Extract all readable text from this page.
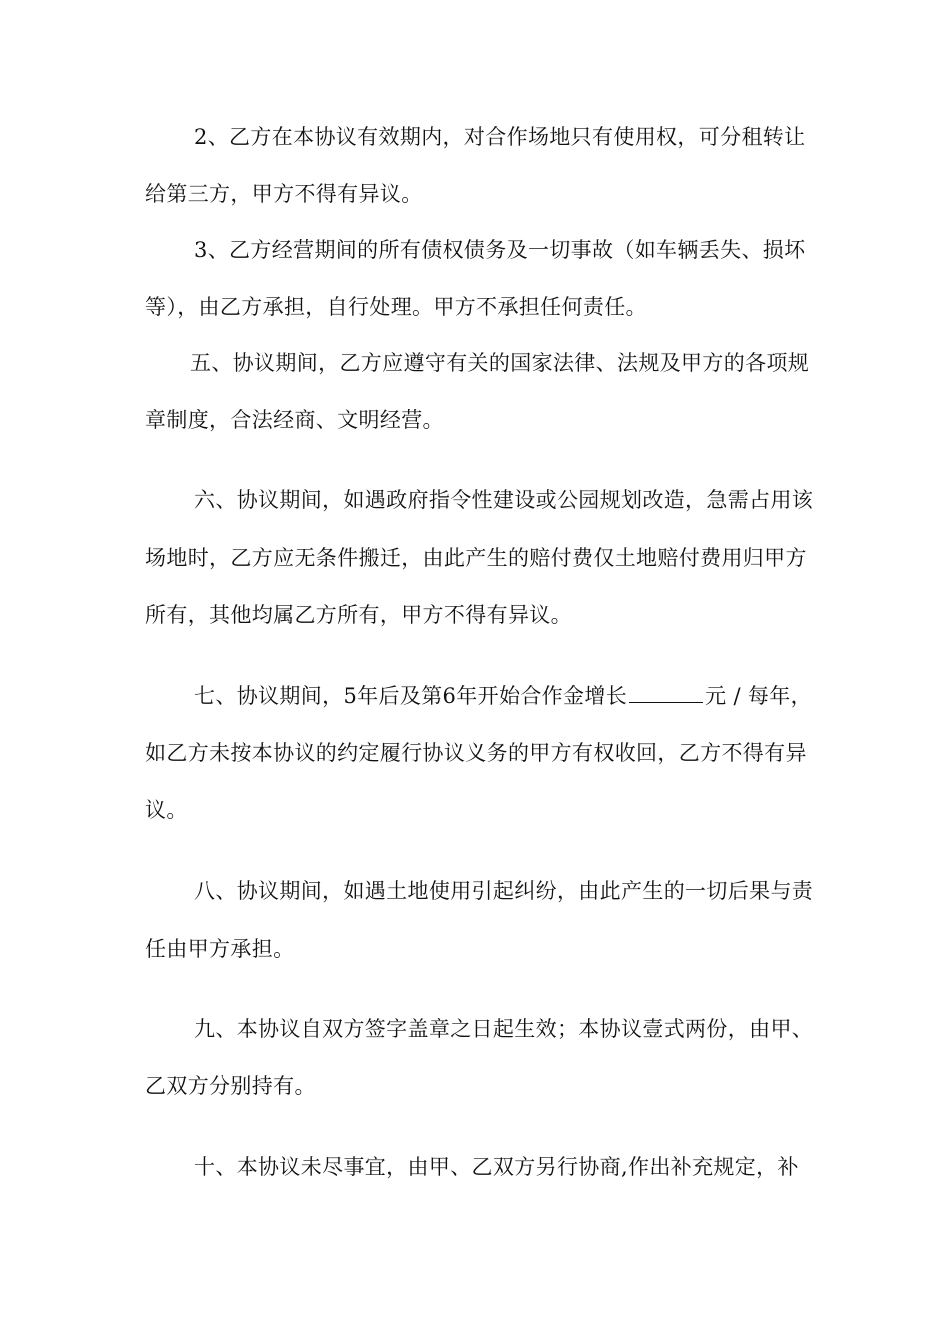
2、乙方在本协议有效期内，对合作场地只有使用权，可分租转让
给第三方，甲方不得有异议。
3、乙方经营期间的所有债权债务及一切事故（如车辆丢失、损坏
等），由乙方承担，自行处理。甲方不承担任何责任。
五、协议期间，乙方应遵守有关的国家法律、法规及甲方的各项规
章制度，合法经商、文明经营。
六、协议期间，如遇政府指令性建设或公园规划改造，急需占用该
场地时，乙方应无条件搬迁，由此产生的赔付费仅土地赔付费用归甲方
所有，其他均属乙方所有，甲方不得有异议。
七、协议期间，5年后及第6年开始合作金增长	元 / 每年，
如乙方未按本协议的约定履行协议义务的甲方有权收回，乙方不得有异
议。
八、协议期间，如遇土地使用引起纠纷，由此产生的一切后果与责
任由甲方承担。
九、本协议自双方签字盖章之日起生效；本协议壹式两份，由甲、
乙双方分别持有。
十、本协议未尽事宜，由甲、乙双方另行协商,作出补充规定，补
